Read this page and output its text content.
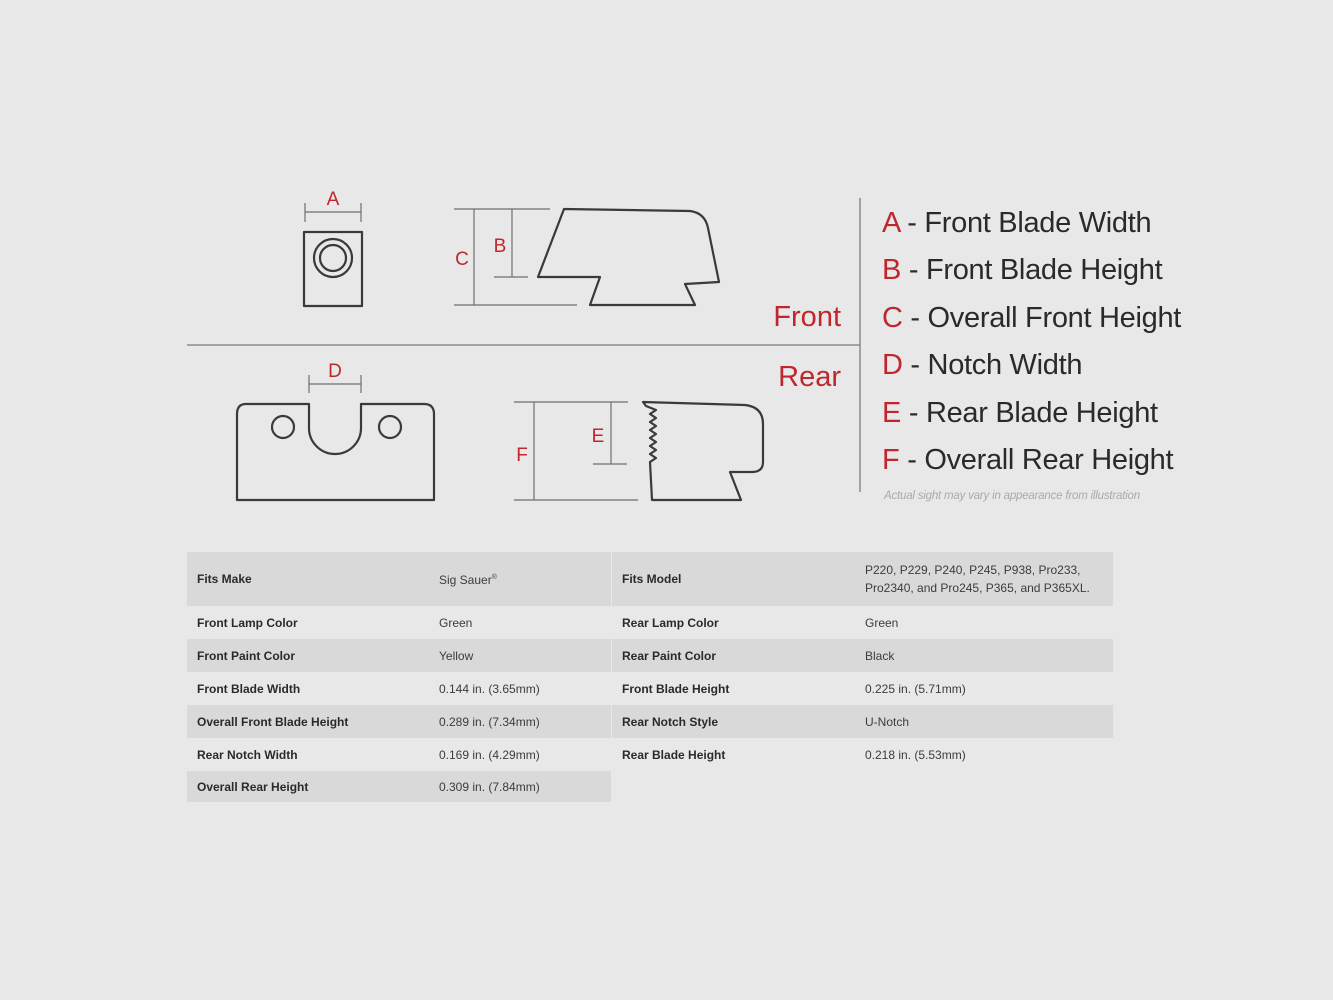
A
C
B
Front
Rear
D
F
E
A - Front Blade Width
B - Front Blade Height
C - Overall Front Height
D - Notch Width
E - Rear Blade Height
F - Overall Rear Height
Actual sight may vary in appearance from illustration
Fits Make	Sig Sauer®
Front Lamp Color	Green
Front Paint Color	Yellow
Front Blade Width	0.144 in. (3.65mm)
Overall Front Blade Height	0.289 in. (7.34mm)
Rear Notch Width	0.169 in. (4.29mm)
Overall Rear Height	0.309 in. (7.84mm)
Fits Model	P220, P229, P240, P245, P938, Pro233,
Pro2340, and Pro245, P365, and P365XL.
Rear Lamp Color	Green
Rear Paint Color	Black
Front Blade Height	0.225 in. (5.71mm)
Rear Notch Style	U-Notch
Rear Blade Height	0.218 in. (5.53mm)
